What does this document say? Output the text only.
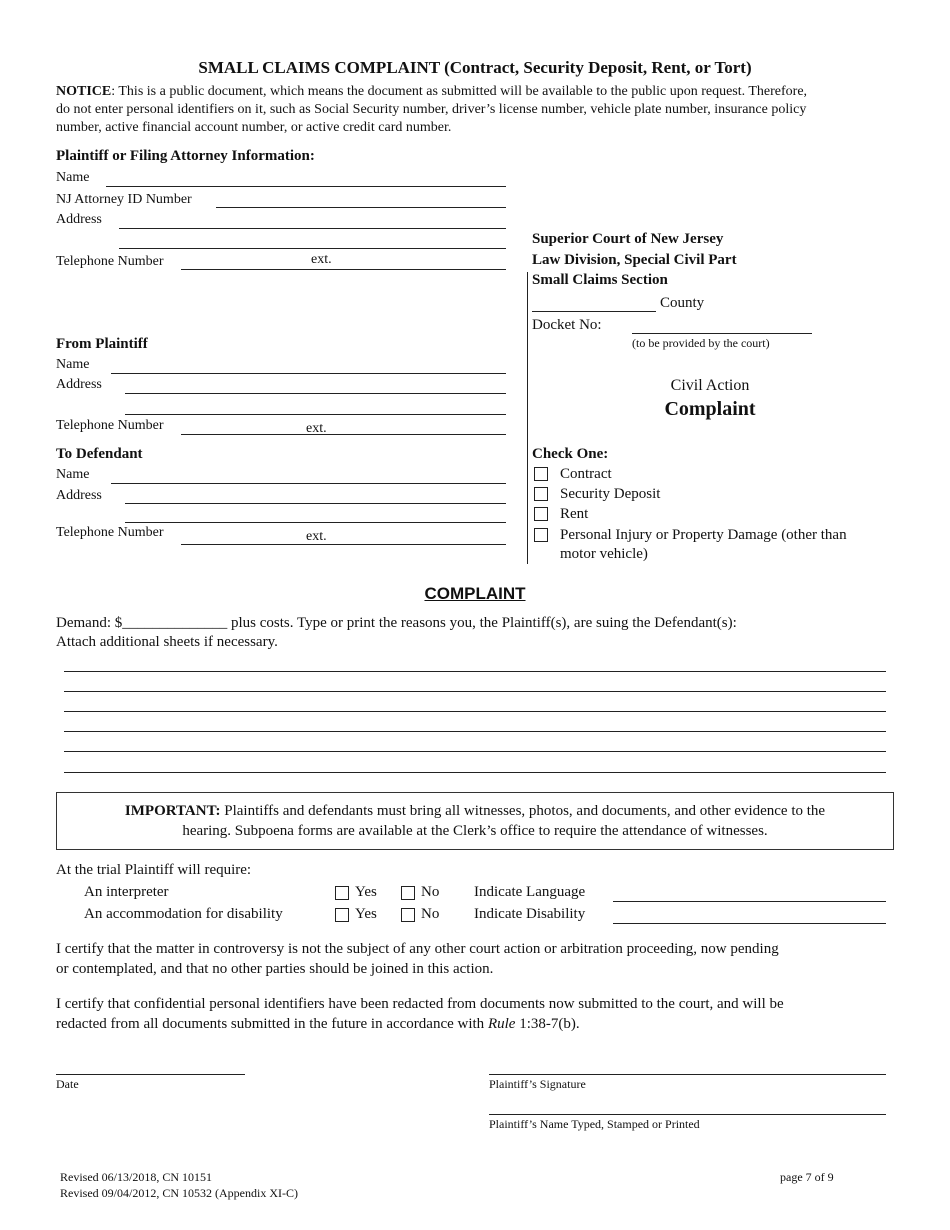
SMALL CLAIMS COMPLAINT (Contract, Security Deposit, Rent, or Tort)
NOTICE: This is a public document, which means the document as submitted will be available to the public upon request. Therefore,
do not enter personal identifiers on it, such as Social Security number, driver’s license number, vehicle plate number, insurance policy
number, active financial account number, or active credit card number.
Plaintiff or Filing Attorney Information:
Name
NJ Attorney ID Number
Address
Telephone Number	ext.
Superior Court of New Jersey
Law Division, Special Civil Part
Small Claims Section
County
Docket No:
(to be provided by the court)
Civil Action
Complaint
From Plaintiff
Name
Address
Telephone Number	ext.
To Defendant
Name
Address
Telephone Number	ext.
Check One:
Contract
Security Deposit
Rent
Personal Injury or Property Damage (other than
motor vehicle)
COMPLAINT
Demand: $______________ plus costs. Type or print the reasons you, the Plaintiff(s), are suing the Defendant(s):
Attach additional sheets if necessary.
IMPORTANT: Plaintiffs and defendants must bring all witnesses, photos, and documents, and other evidence to the
hearing. Subpoena forms are available at the Clerk’s office to require the attendance of witnesses.
At the trial Plaintiff will require:
An interpreter	Yes	No Indicate Language
An accommodation for disability	Yes	No Indicate Disability
I certify that the matter in controversy is not the subject of any other court action or arbitration proceeding, now pending
or contemplated, and that no other parties should be joined in this action.
I certify that confidential personal identifiers have been redacted from documents now submitted to the court, and will be
redacted from all documents submitted in the future in accordance with Rule 1:38-7(b).
Date	Plaintiff’s Signature
Plaintiff’s Name Typed, Stamped or Printed
Revised 06/13/2018, CN 10151
Revised 09/04/2012, CN 10532 (Appendix XI-C)
page 7 of 9
